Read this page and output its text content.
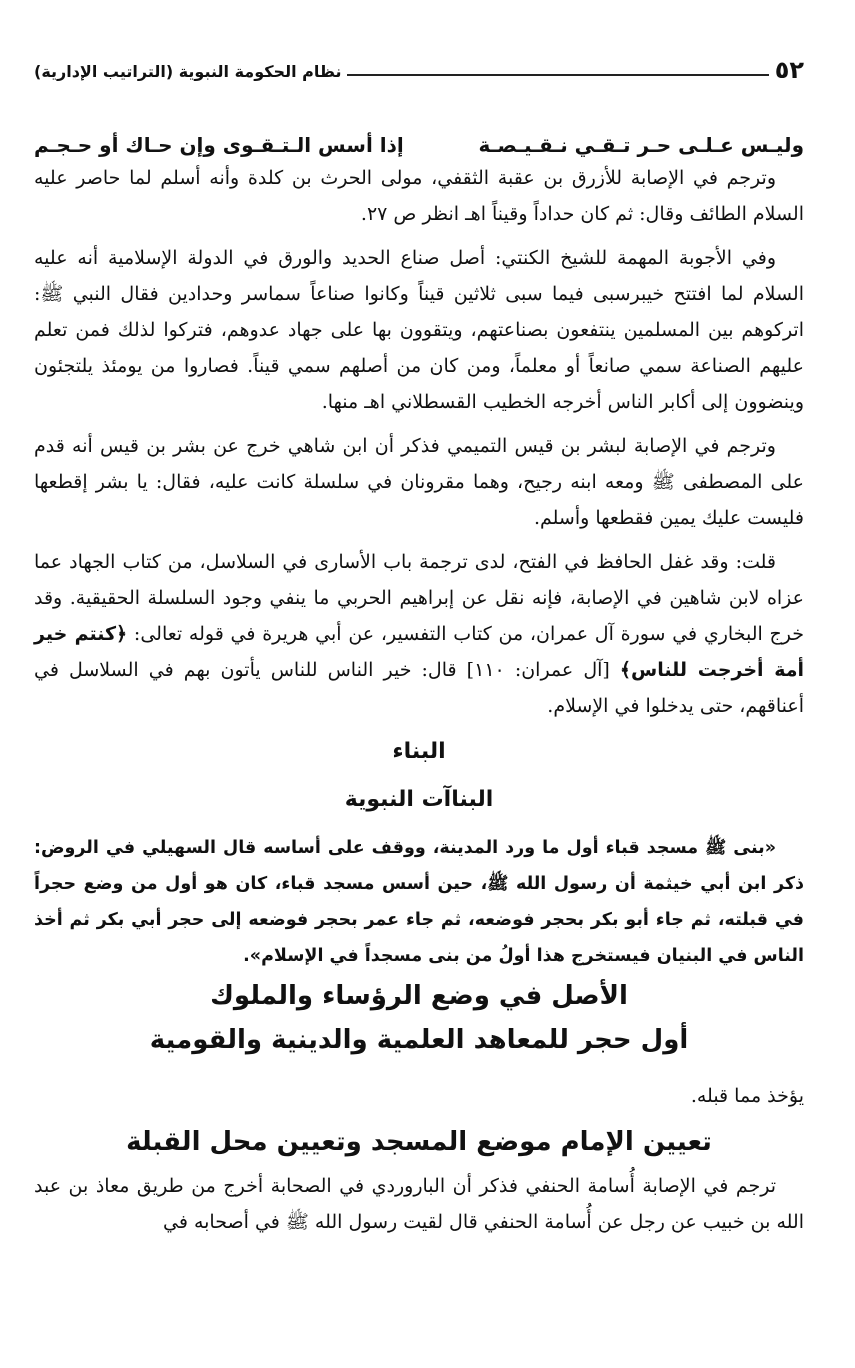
٥٢
نظام الحكومة النبوية (التراتيب الإدارية)
وليـس عـلـى حـر تـقـي نـقـيـصـة
إذا أسس الـتـقـوى وإن حـاك أو حـجـم

وترجم في الإصابة للأزرق بن عقبة الثقفي، مولى الحرث بن كلدة وأنه أسلم لما حاصر عليه السلام الطائف وقال: ثم كان حداداً وقيناً اهـ انظر ص ٢٧.

وفي الأجوبة المهمة للشيخ الكنتي: أصل صناع الحديد والورق في الدولة الإسلامية أنه عليه السلام لما افتتح خيبرسبى فيما سبى ثلاثين قيناً وكانوا صناعاً سماسر وحدادين فقال النبي ﷺ: اتركوهم بين المسلمين ينتفعون بصناعتهم، ويتقوون بها على جهاد عدوهم، فتركوا لذلك فمن تعلم عليهم الصناعة سمي صانعاً أو معلماً، ومن كان من أصلهم سمي قيناً. فصاروا من يومئذ يلتجئون وينضوون إلى أكابر الناس أخرجه الخطيب القسطلاني اهـ منها.

وترجم في الإصابة لبشر بن قيس التميمي فذكر أن ابن شاهي خرج عن بشر بن قيس أنه قدم على المصطفى ﷺ ومعه ابنه رجيح، وهما مقرونان في سلسلة كانت عليه، فقال: يا بشر إقطعها فليست عليك يمين فقطعها وأسلم.

قلت: وقد غفل الحافظ في الفتح، لدى ترجمة باب الأسارى في السلاسل، من كتاب الجهاد عما عزاه لابن شاهين في الإصابة، فإنه نقل عن إبراهيم الحربي ما ينفي وجود السلسلة الحقيقية. وقد خرج البخاري في سورة آل عمران، من كتاب التفسير، عن أبي هريرة في قوله تعالى: ﴿كنتم خير أمة أخرجت للناس﴾ [آل عمران: ١١٠] قال: خير الناس للناس يأتون بهم في السلاسل في أعناقهم، حتى يدخلوا في الإسلام.

البناء
البناآت النبوية

«بنى ﷺ مسجد قباء أول ما ورد المدينة، ووقف على أساسه قال السهيلي في الروض: ذكر ابن أبي خيثمة أن رسول الله ﷺ، حين أسس مسجد قباء، كان هو أول من وضع حجراً في قبلته، ثم جاء أبو بكر بحجر فوضعه، ثم جاء عمر بحجر فوضعه إلى حجر أبي بكر ثم أخذ الناس في البنيان فيستخرج هذا أولُ من بنى مسجداً في الإسلام».

الأصل في وضع الرؤساء والملوك
أول حجر للمعاهد العلمية والدينية والقومية

يؤخذ مما قبله.

تعيين الإمام موضع المسجد وتعيين محل القبلة

ترجم في الإصابة أُسامة الحنفي فذكر أن الباروردي في الصحابة أخرج من طريق معاذ بن عبد الله بن خبيب عن رجل عن أُسامة الحنفي قال لقيت رسول الله ﷺ في أصحابه في
